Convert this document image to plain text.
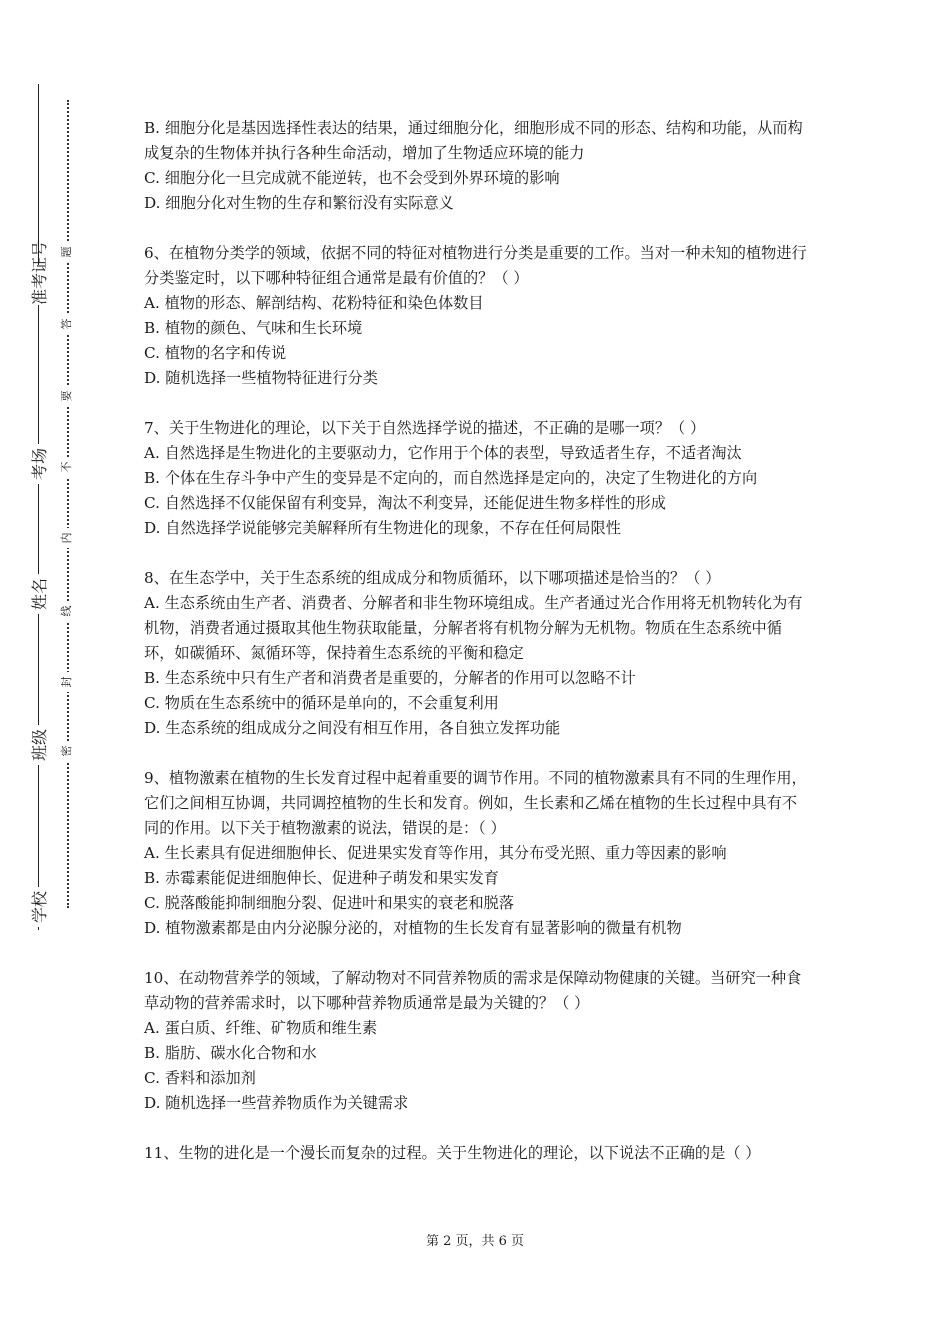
准考证号
考场
姓名
班级
学校
题
答
要
不
内
线
封
密

B. 细胞分化是基因选择性表达的结果，通过细胞分化，细胞形成不同的形态、结构和功能，从而构成复杂的生物体并执行各种生命活动，增加了生物适应环境的能力

C. 细胞分化一旦完成就不能逆转，也不会受到外界环境的影响

D. 细胞分化对生物的生存和繁衍没有实际意义

6、在植物分类学的领域，依据不同的特征对植物进行分类是重要的工作。当对一种未知的植物进行分类鉴定时，以下哪种特征组合通常是最有价值的？（ ）

A. 植物的形态、解剖结构、花粉特征和染色体数目

B. 植物的颜色、气味和生长环境

C. 植物的名字和传说

D. 随机选择一些植物特征进行分类

7、关于生物进化的理论，以下关于自然选择学说的描述，不正确的是哪一项？（ ）

A. 自然选择是生物进化的主要驱动力，它作用于个体的表型，导致适者生存，不适者淘汰

B. 个体在生存斗争中产生的变异是不定向的，而自然选择是定向的，决定了生物进化的方向

C. 自然选择不仅能保留有利变异，淘汰不利变异，还能促进生物多样性的形成

D. 自然选择学说能够完美解释所有生物进化的现象，不存在任何局限性

8、在生态学中，关于生态系统的组成成分和物质循环，以下哪项描述是恰当的？（ ）

A. 生态系统由生产者、消费者、分解者和非生物环境组成。生产者通过光合作用将无机物转化为有机物，消费者通过摄取其他生物获取能量，分解者将有机物分解为无机物。物质在生态系统中循环，如碳循环、氮循环等，保持着生态系统的平衡和稳定

B. 生态系统中只有生产者和消费者是重要的，分解者的作用可以忽略不计

C. 物质在生态系统中的循环是单向的，不会重复利用

D. 生态系统的组成成分之间没有相互作用，各自独立发挥功能

9、植物激素在植物的生长发育过程中起着重要的调节作用。不同的植物激素具有不同的生理作用，它们之间相互协调，共同调控植物的生长和发育。例如，生长素和乙烯在植物的生长过程中具有不同的作用。以下关于植物激素的说法，错误的是：（ ）

A. 生长素具有促进细胞伸长、促进果实发育等作用，其分布受光照、重力等因素的影响

B. 赤霉素能促进细胞伸长、促进种子萌发和果实发育

C. 脱落酸能抑制细胞分裂、促进叶和果实的衰老和脱落

D. 植物激素都是由内分泌腺分泌的，对植物的生长发育有显著影响的微量有机物

10、在动物营养学的领域，了解动物对不同营养物质的需求是保障动物健康的关键。当研究一种食草动物的营养需求时，以下哪种营养物质通常是最为关键的？（ ）

A. 蛋白质、纤维、矿物质和维生素

B. 脂肪、碳水化合物和水

C. 香料和添加剂

D. 随机选择一些营养物质作为关键需求

11、生物的进化是一个漫长而复杂的过程。关于生物进化的理论，以下说法不正确的是（ ）

第 2 页，共 6 页
